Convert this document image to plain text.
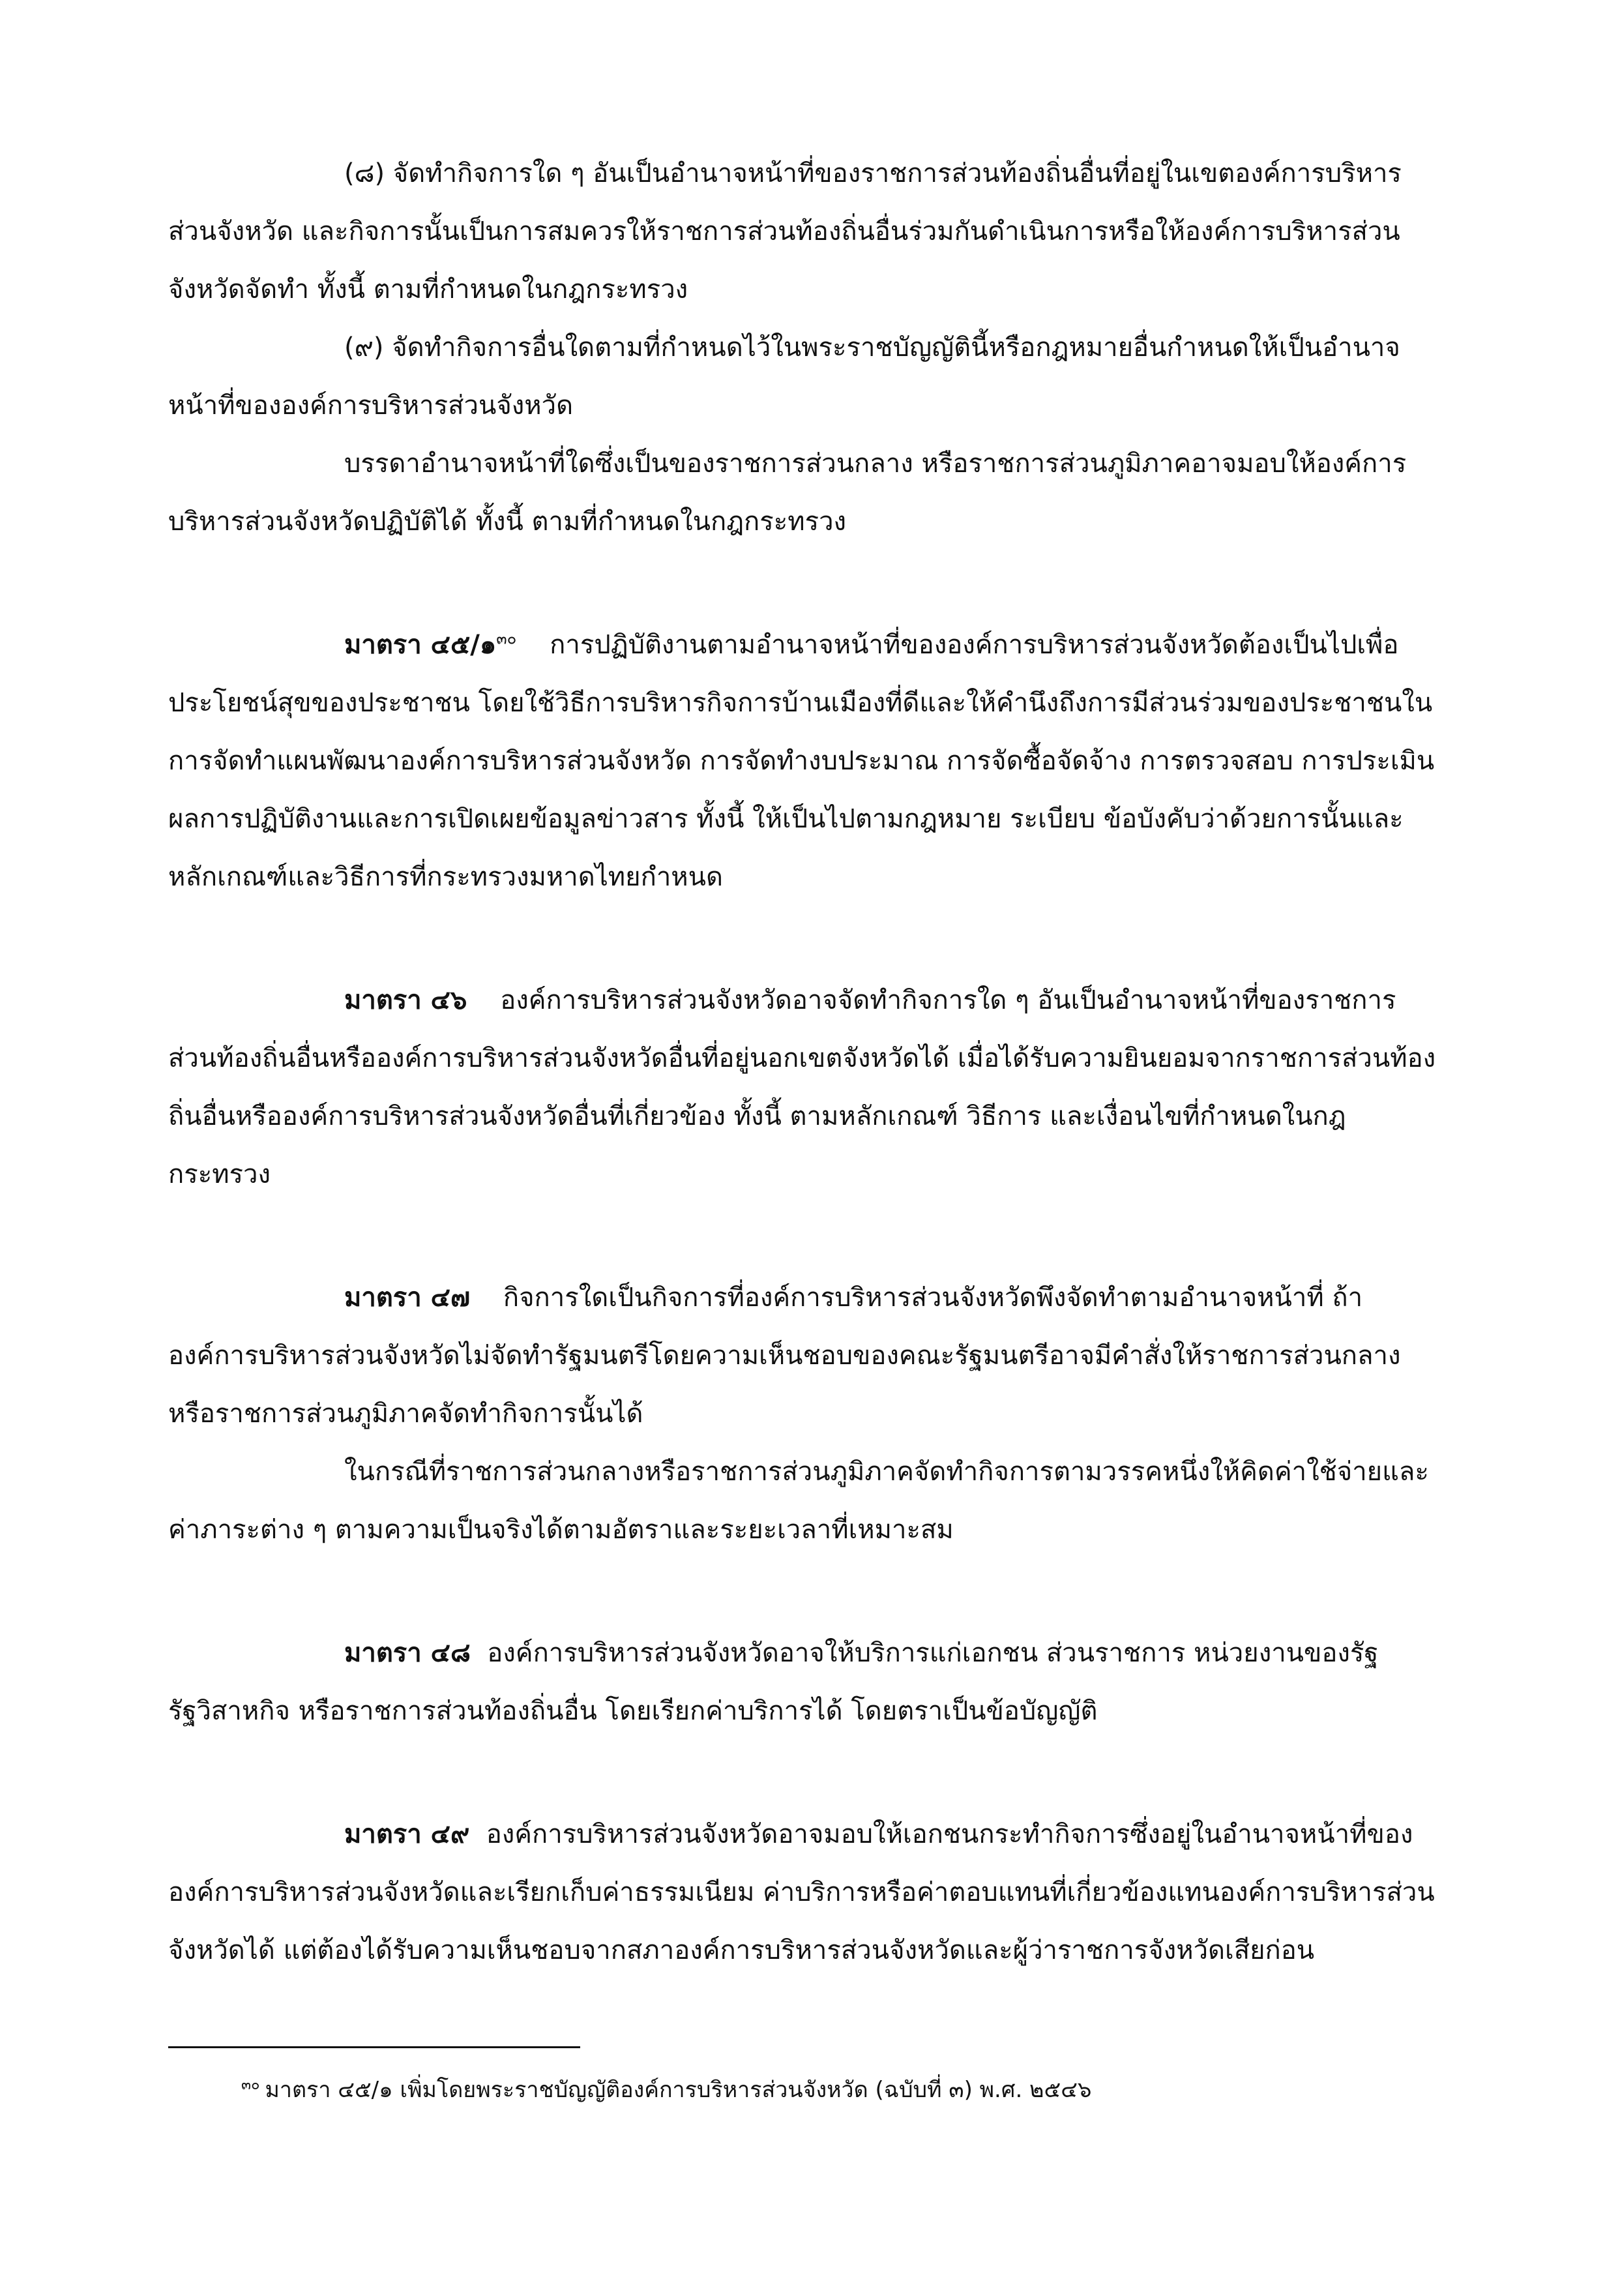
(๘) จัดทำกิจการใด ๆ อันเป็นอำนาจหน้าที่ของราชการส่วนท้องถิ่นอื่นที่อยู่ในเขตองค์การบริหารส่วนจังหวัด และกิจการนั้นเป็นการสมควรให้ราชการส่วนท้องถิ่นอื่นร่วมกันดำเนินการหรือให้องค์การบริหารส่วนจังหวัดจัดทำ ทั้งนี้ ตามที่กำหนดในกฎกระทรวง

(๙) จัดทำกิจการอื่นใดตามที่กำหนดไว้ในพระราชบัญญัตินี้หรือกฎหมายอื่นกำหนดให้เป็นอำนาจหน้าที่ขององค์การบริหารส่วนจังหวัด

บรรดาอำนาจหน้าที่ใดซึ่งเป็นของราชการส่วนกลาง หรือราชการส่วนภูมิภาคอาจมอบให้องค์การบริหารส่วนจังหวัดปฏิบัติได้ ทั้งนี้ ตามที่กำหนดในกฎกระทรวง

มาตรา ๔๕/๑$^{๓๐}$ การปฏิบัติงานตามอำนาจหน้าที่ขององค์การบริหารส่วนจังหวัดต้องเป็นไปเพื่อประโยชน์สุขของประชาชน โดยใช้วิธีการบริหารกิจการบ้านเมืองที่ดีและให้คำนึงถึงการมีส่วนร่วมของประชาชนในการจัดทำแผนพัฒนาองค์การบริหารส่วนจังหวัด การจัดทำงบประมาณ การจัดซื้อจัดจ้าง การตรวจสอบ การประเมินผลการปฏิบัติงานและการเปิดเผยข้อมูลข่าวสาร ทั้งนี้ ให้เป็นไปตามกฎหมาย ระเบียบ ข้อบังคับว่าด้วยการนั้นและหลักเกณฑ์และวิธีการที่กระทรวงมหาดไทยกำหนด

มาตรา ๔๖ องค์การบริหารส่วนจังหวัดอาจจัดทำกิจการใด ๆ อันเป็นอำนาจหน้าที่ของราชการส่วนท้องถิ่นอื่นหรือองค์การบริหารส่วนจังหวัดอื่นที่อยู่นอกเขตจังหวัดได้ เมื่อได้รับความยินยอมจากราชการส่วนท้องถิ่นอื่นหรือองค์การบริหารส่วนจังหวัดอื่นที่เกี่ยวข้อง ทั้งนี้ ตามหลักเกณฑ์ วิธีการ และเงื่อนไขที่กำหนดในกฎกระทรวง

มาตรา ๔๗ กิจการใดเป็นกิจการที่องค์การบริหารส่วนจังหวัดพึงจัดทำตามอำนาจหน้าที่ ถ้าองค์การบริหารส่วนจังหวัดไม่จัดทำรัฐมนตรีโดยความเห็นชอบของคณะรัฐมนตรีอาจมีคำสั่งให้ราชการส่วนกลางหรือราชการส่วนภูมิภาคจัดทำกิจการนั้นได้

ในกรณีที่ราชการส่วนกลางหรือราชการส่วนภูมิภาคจัดทำกิจการตามวรรคหนึ่งให้คิดค่าใช้จ่ายและค่าภาระต่าง ๆ ตามความเป็นจริงได้ตามอัตราและระยะเวลาที่เหมาะสม

มาตรา ๔๘ องค์การบริหารส่วนจังหวัดอาจให้บริการแก่เอกชน ส่วนราชการ หน่วยงานของรัฐ รัฐวิสาหกิจ หรือราชการส่วนท้องถิ่นอื่น โดยเรียกค่าบริการได้ โดยตราเป็นข้อบัญญัติ

มาตรา ๔๙ องค์การบริหารส่วนจังหวัดอาจมอบให้เอกชนกระทำกิจการซึ่งอยู่ในอำนาจหน้าที่ขององค์การบริหารส่วนจังหวัดและเรียกเก็บค่าธรรมเนียม ค่าบริการหรือค่าตอบแทนที่เกี่ยวข้องแทนองค์การบริหารส่วนจังหวัดได้ แต่ต้องได้รับความเห็นชอบจากสภาองค์การบริหารส่วนจังหวัดและผู้ว่าราชการจังหวัดเสียก่อน

$^{๓๐}$ มาตรา ๔๕/๑ เพิ่มโดยพระราชบัญญัติองค์การบริหารส่วนจังหวัด (ฉบับที่ ๓) พ.ศ. ๒๕๔๖
